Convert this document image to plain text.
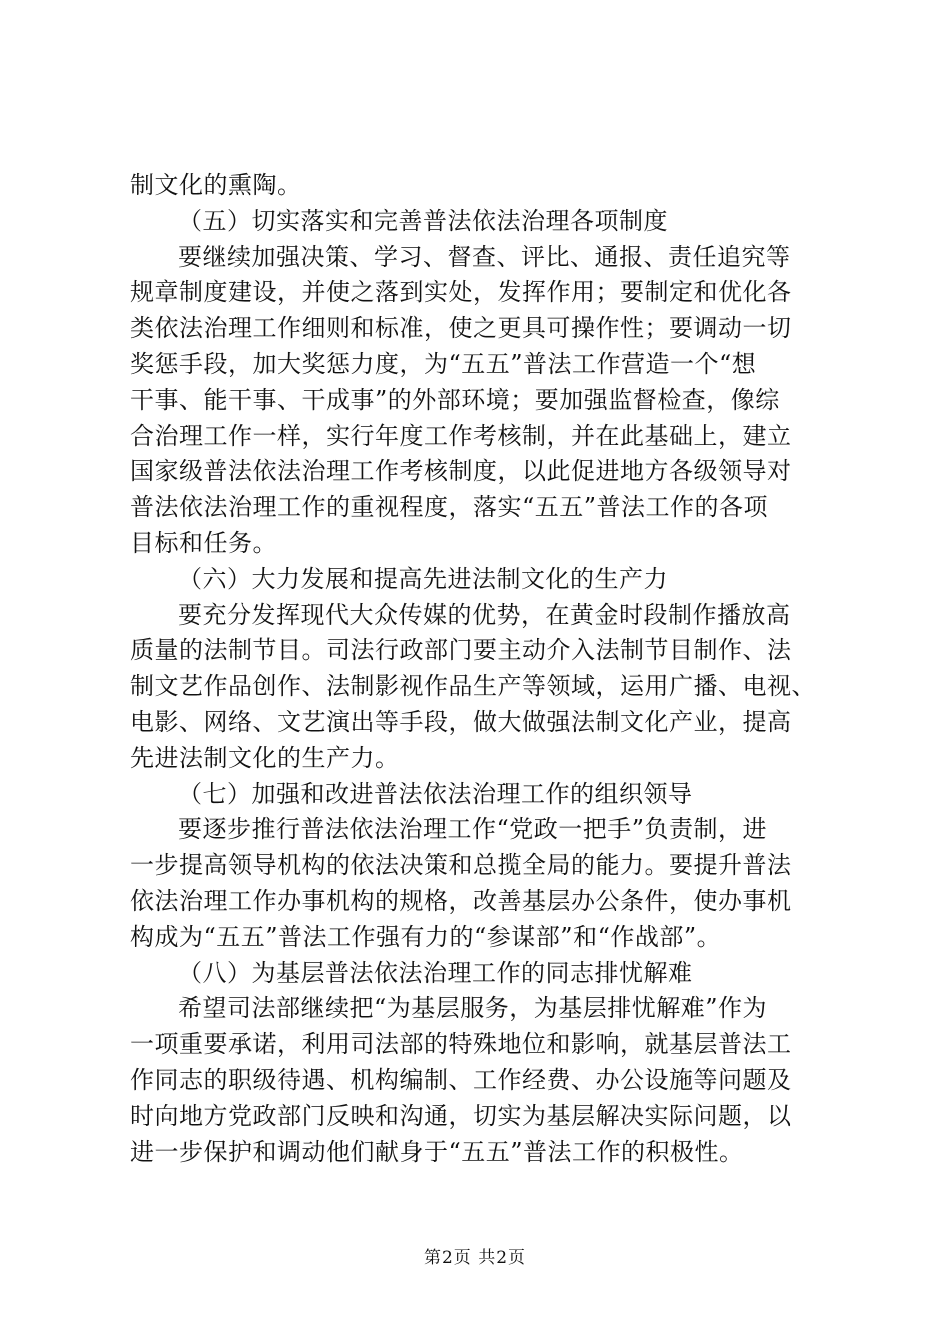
制文化的熏陶。
（五）切实落实和完善普法依法治理各项制度
要继续加强决策、学习、督查、评比、通报、责任追究等
规章制度建设，并使之落到实处，发挥作用；要制定和优化各
类依法治理工作细则和标准，使之更具可操作性；要调动一切
奖惩手段，加大奖惩力度，为“五五”普法工作营造一个“想
干事、能干事、干成事”的外部环境；要加强监督检查，像综
合治理工作一样，实行年度工作考核制，并在此基础上，建立
国家级普法依法治理工作考核制度，以此促进地方各级领导对
普法依法治理工作的重视程度，落实“五五”普法工作的各项
目标和任务。
（六）大力发展和提高先进法制文化的生产力
要充分发挥现代大众传媒的优势，在黄金时段制作播放高
质量的法制节目。司法行政部门要主动介入法制节目制作、法
制文艺作品创作、法制影视作品生产等领域，运用广播、电视、
电影、网络、文艺演出等手段，做大做强法制文化产业，提高
先进法制文化的生产力。
（七）加强和改进普法依法治理工作的组织领导
要逐步推行普法依法治理工作“党政一把手”负责制，进
一步提高领导机构的依法决策和总揽全局的能力。要提升普法
依法治理工作办事机构的规格，改善基层办公条件，使办事机
构成为“五五”普法工作强有力的“参谋部”和“作战部”。
（八）为基层普法依法治理工作的同志排忧解难
希望司法部继续把“为基层服务，为基层排忧解难”作为
一项重要承诺，利用司法部的特殊地位和影响，就基层普法工
作同志的职级待遇、机构编制、工作经费、办公设施等问题及
时向地方党政部门反映和沟通，切实为基层解决实际问题，以
进一步保护和调动他们献身于“五五”普法工作的积极性。
第2页 共2页
